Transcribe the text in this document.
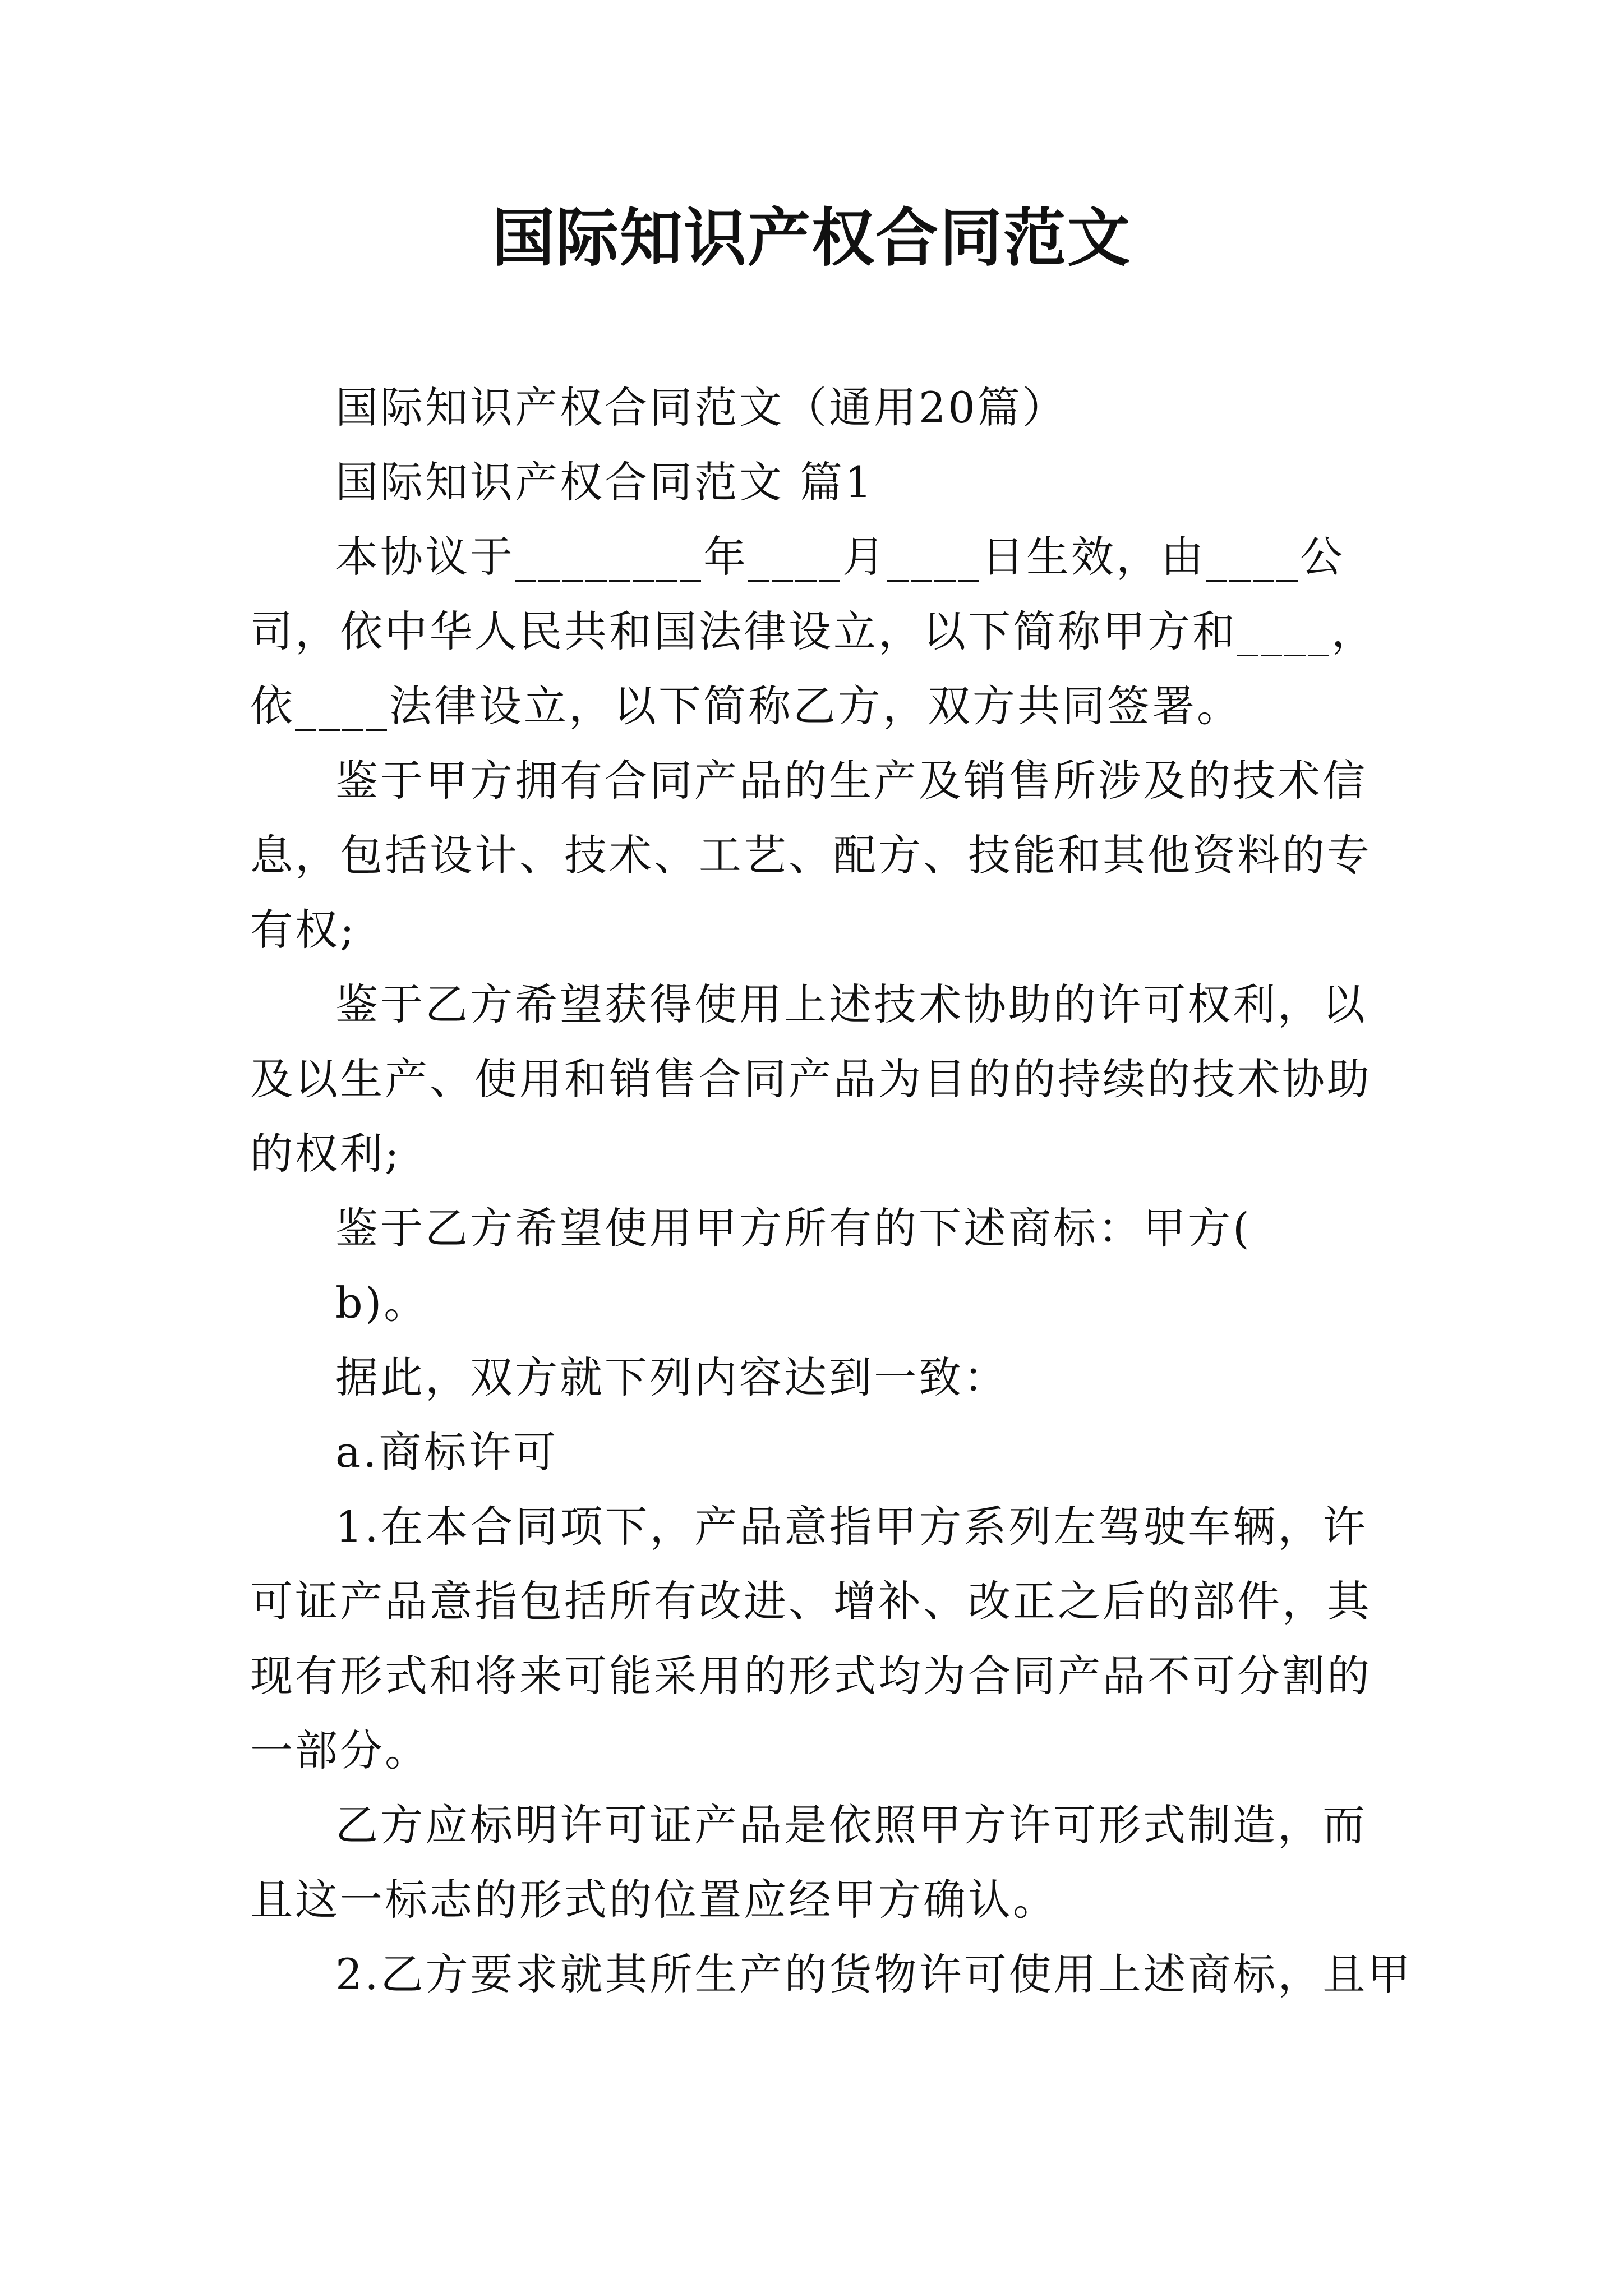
国际知识产权合同范文

国际知识产权合同范文（通用20篇）

国际知识产权合同范文 篇1

本协议于________年____月____日生效，由____公司，依中华人民共和国法律设立，以下简称甲方和____，依____法律设立，以下简称乙方，双方共同签署。

鉴于甲方拥有合同产品的生产及销售所涉及的技术信息，包括设计、技术、工艺、配方、技能和其他资料的专有权;

鉴于乙方希望获得使用上述技术协助的许可权利，以及以生产、使用和销售合同产品为目的的持续的技术协助的权利;

鉴于乙方希望使用甲方所有的下述商标：甲方(

b)。

据此，双方就下列内容达到一致：

a.商标许可

1.在本合同项下，产品意指甲方系列左驾驶车辆，许可证产品意指包括所有改进、增补、改正之后的部件，其现有形式和将来可能采用的形式均为合同产品不可分割的一部分。

乙方应标明许可证产品是依照甲方许可形式制造，而且这一标志的形式的位置应经甲方确认。

2.乙方要求就其所生产的货物许可使用上述商标，且甲
